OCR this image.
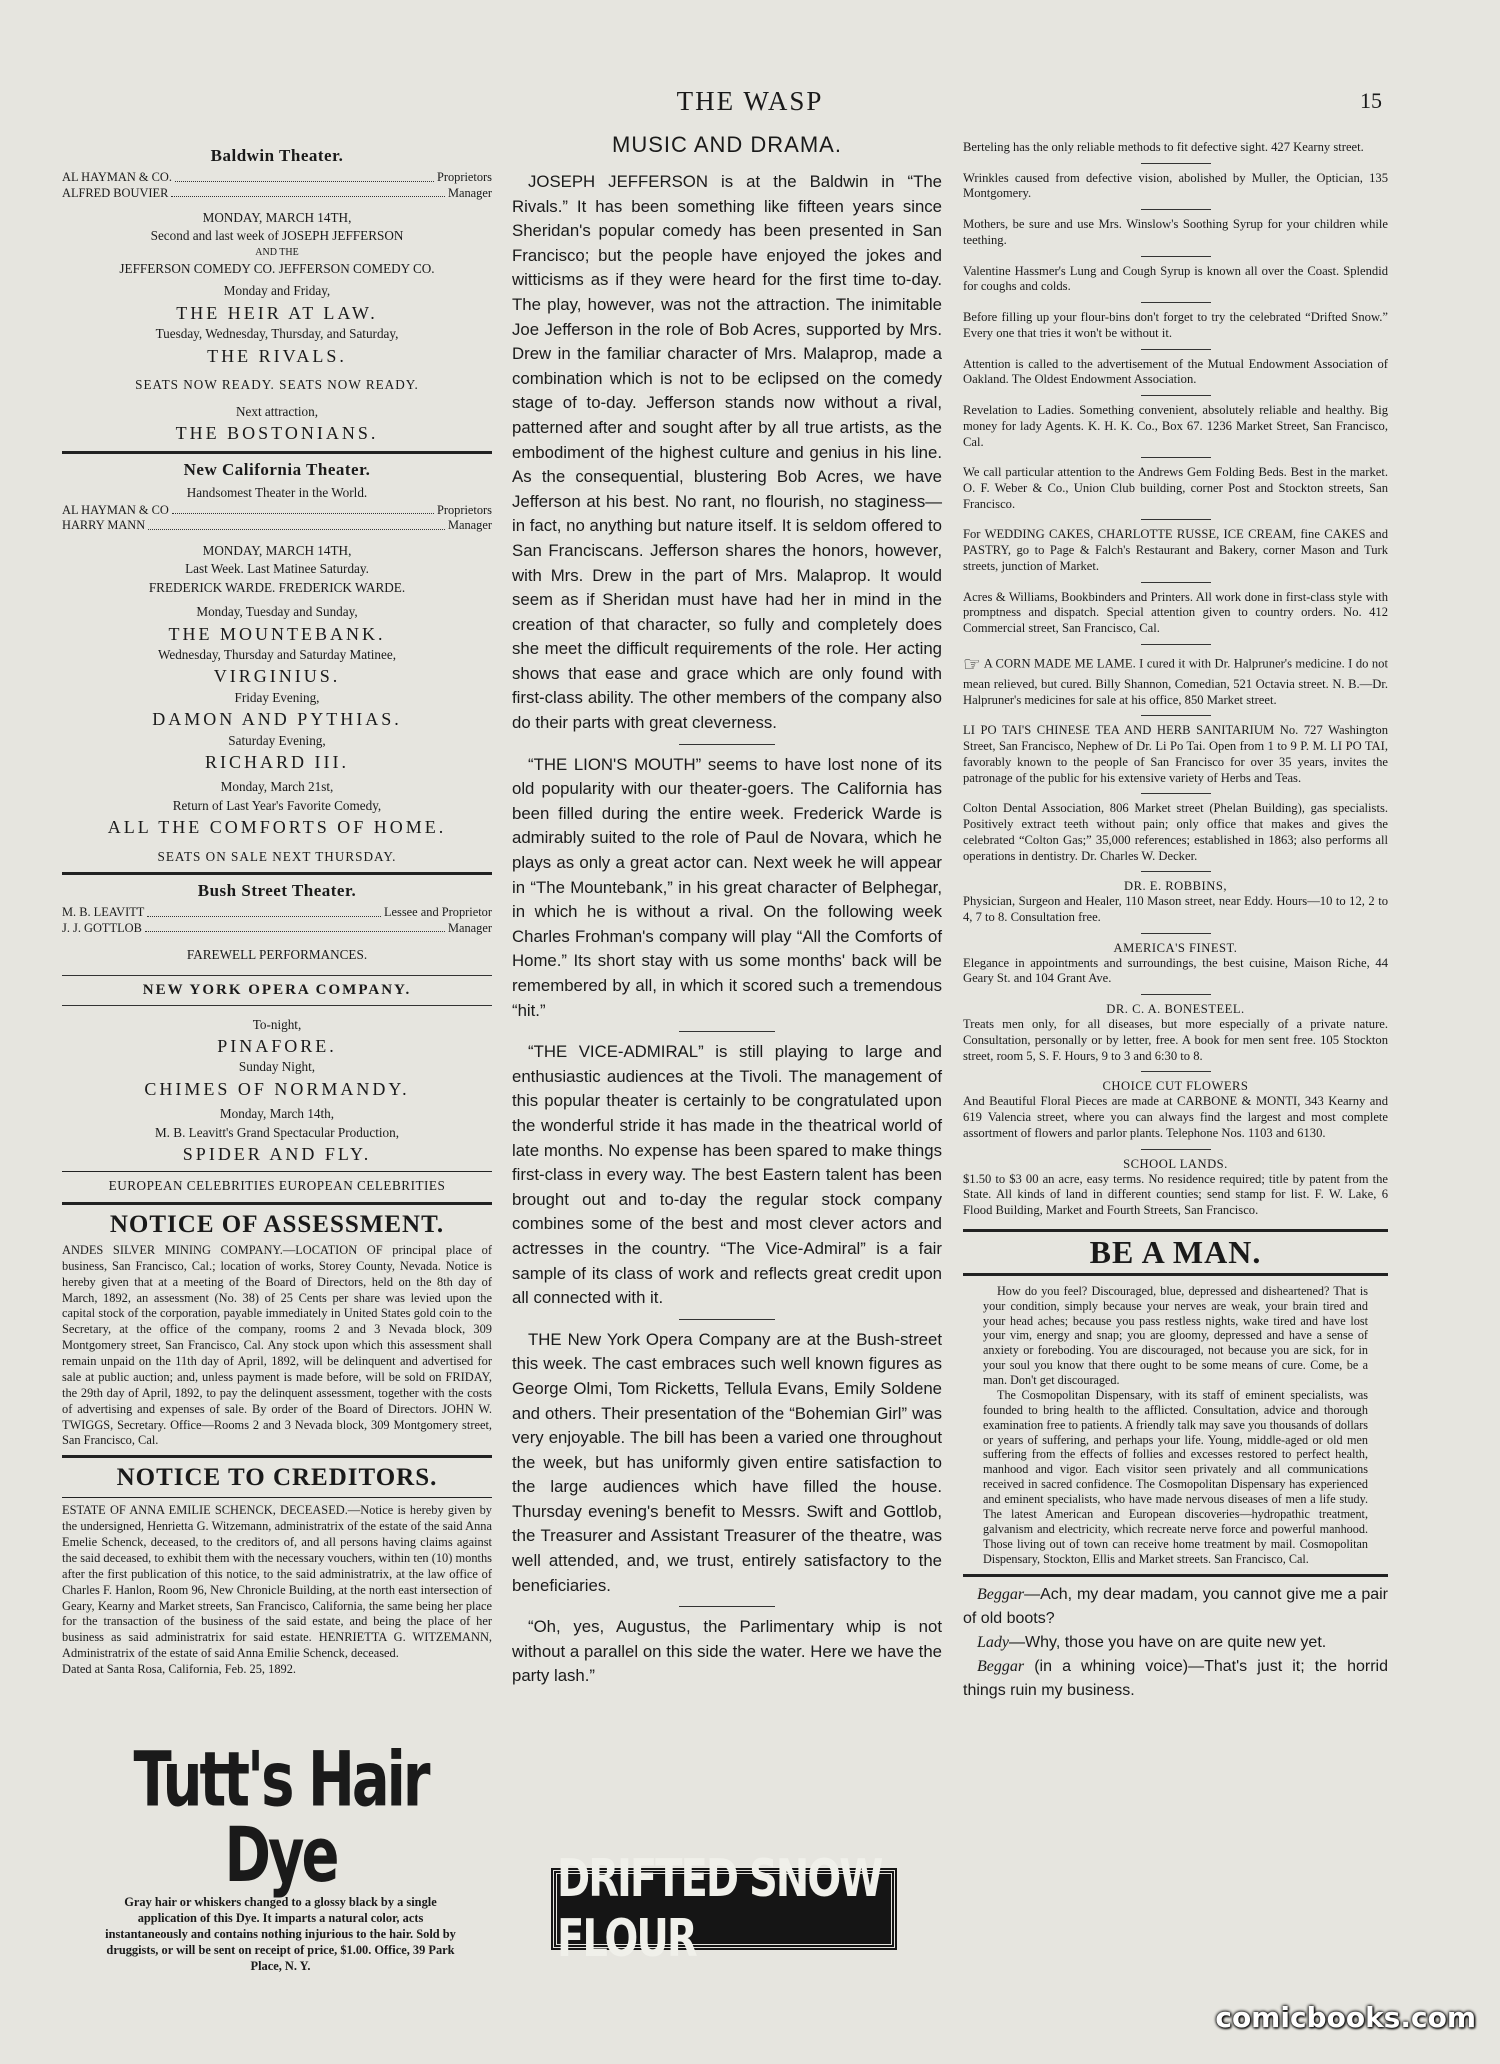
THE WASP	15
Baldwin Theater.
AL HAYMAN & CO.	Proprietors
ALFRED BOUVIER	Manager
MONDAY, MARCH 14TH,
Second and last week of JOSEPH JEFFERSON
AND THE
JEFFERSON COMEDY CO. JEFFERSON COMEDY CO.
Monday and Friday,
THE HEIR AT LAW.
Tuesday, Wednesday, Thursday, and Saturday,
THE RIVALS.
SEATS NOW READY. SEATS NOW READY.
Next attraction,
THE BOSTONIANS.
New California Theater.
Handsomest Theater in the World.
AL HAYMAN & CO	Proprietors
HARRY MANN	Manager
MONDAY, MARCH 14TH,
Last Week. Last Matinee Saturday.
FREDERICK WARDE. FREDERICK WARDE.
Monday, Tuesday and Sunday,
THE MOUNTEBANK.
Wednesday, Thursday and Saturday Matinee,
VIRGINIUS.
Friday Evening,
DAMON AND PYTHIAS.
Saturday Evening,
RICHARD III.
Monday, March 21st,
Return of Last Year's Favorite Comedy,
ALL THE COMFORTS OF HOME.
SEATS ON SALE NEXT THURSDAY.
Bush Street Theater.
M. B. LEAVITT	Lessee and Proprietor
J. J. GOTTLOB	Manager
FAREWELL PERFORMANCES.
NEW YORK OPERA COMPANY.
To-night,
PINAFORE.
Sunday Night,
CHIMES OF NORMANDY.
Monday, March 14th,
M. B. Leavitt's Grand Spectacular Production,
SPIDER AND FLY.
EUROPEAN CELEBRITIES EUROPEAN CELEBRITIES
NOTICE OF ASSESSMENT.

ANDES SILVER MINING COMPANY.—LOCATION OF principal place of business, San Francisco, Cal.; location of works, Storey County, Nevada. Notice is hereby given that at a meeting of the Board of Directors, held on the 8th day of March, 1892, an assessment (No. 38) of 25 Cents per share was levied upon the capital stock of the corporation, payable immediately in United States gold coin to the Secretary, at the office of the company, rooms 2 and 3 Nevada block, 309 Montgomery street, San Francisco, Cal. Any stock upon which this assessment shall remain unpaid on the 11th day of April, 1892, will be delinquent and advertised for sale at public auction; and, unless payment is made before, will be sold on FRIDAY, the 29th day of April, 1892, to pay the delinquent assessment, together with the costs of advertising and expenses of sale. By order of the Board of Directors. JOHN W. TWIGGS, Secretary. Office—Rooms 2 and 3 Nevada block, 309 Montgomery street, San Francisco, Cal.

NOTICE TO CREDITORS.

ESTATE OF ANNA EMILIE SCHENCK, DECEASED.—Notice is hereby given by the undersigned, Henrietta G. Witzemann, administratrix of the estate of the said Anna Emelie Schenck, deceased, to the creditors of, and all persons having claims against the said deceased, to exhibit them with the necessary vouchers, within ten (10) months after the first publication of this notice, to the said administratrix, at the law office of Charles F. Hanlon, Room 96, New Chronicle Building, at the north east intersection of Geary, Kearny and Market streets, San Francisco, California, the same being her place for the transaction of the business of the said estate, and being the place of her business as said administratrix for said estate. HENRIETTA G. WITZEMANN, Administratrix of the estate of said Anna Emilie Schenck, deceased.

Dated at Santa Rosa, California, Feb. 25, 1892.

Tutt's Hair Dye
Gray hair or whiskers changed to a glossy black by a single application of this Dye. It imparts a natural color, acts instantaneously and contains nothing injurious to the hair. Sold by druggists, or will be sent on receipt of price, $1.00. Office, 39 Park Place, N. Y.
MUSIC AND DRAMA.

JOSEPH JEFFERSON is at the Baldwin in “The Rivals.” It has been something like fifteen years since Sheridan's popular comedy has been presented in San Francisco; but the people have enjoyed the jokes and witticisms as if they were heard for the first time to-day. The play, however, was not the attraction. The inimitable Joe Jefferson in the role of Bob Acres, supported by Mrs. Drew in the familiar character of Mrs. Malaprop, made a combination which is not to be eclipsed on the comedy stage of to-day. Jefferson stands now without a rival, patterned after and sought after by all true artists, as the embodiment of the highest culture and genius in his line. As the consequential, blustering Bob Acres, we have Jefferson at his best. No rant, no flourish, no staginess—in fact, no anything but nature itself. It is seldom offered to San Franciscans. Jefferson shares the honors, however, with Mrs. Drew in the part of Mrs. Malaprop. It would seem as if Sheridan must have had her in mind in the creation of that character, so fully and completely does she meet the difficult requirements of the role. Her acting shows that ease and grace which are only found with first-class ability. The other members of the company also do their parts with great cleverness.

“THE LION'S MOUTH” seems to have lost none of its old popularity with our theater-goers. The California has been filled during the entire week. Frederick Warde is admirably suited to the role of Paul de Novara, which he plays as only a great actor can. Next week he will appear in “The Mountebank,” in his great character of Belphegar, in which he is without a rival. On the following week Charles Frohman's company will play “All the Comforts of Home.” Its short stay with us some months' back will be remembered by all, in which it scored such a tremendous “hit.”

“THE VICE-ADMIRAL” is still playing to large and enthusiastic audiences at the Tivoli. The management of this popular theater is certainly to be congratulated upon the wonderful stride it has made in the theatrical world of late months. No expense has been spared to make things first-class in every way. The best Eastern talent has been brought out and to-day the regular stock company combines some of the best and most clever actors and actresses in the country. “The Vice-Admiral” is a fair sample of its class of work and reflects great credit upon all connected with it.

THE New York Opera Company are at the Bush-street this week. The cast embraces such well known figures as George Olmi, Tom Ricketts, Tellula Evans, Emily Soldene and others. Their presentation of the “Bohemian Girl” was very enjoyable. The bill has been a varied one throughout the week, but has uniformly given entire satisfaction to the large audiences which have filled the house. Thursday evening's benefit to Messrs. Swift and Gottlob, the Treasurer and Assistant Treasurer of the theatre, was well attended, and, we trust, entirely satisfactory to the beneficiaries.

“Oh, yes, Augustus, the Parlimentary whip is not without a parallel on this side the water. Here we have the party lash.”

DRIFTED SNOW FLOUR

Berteling has the only reliable methods to fit defective sight. 427 Kearny street.

Wrinkles caused from defective vision, abolished by Muller, the Optician, 135 Montgomery.

Mothers, be sure and use Mrs. Winslow's Soothing Syrup for your children while teething.

Valentine Hassmer's Lung and Cough Syrup is known all over the Coast. Splendid for coughs and colds.

Before filling up your flour-bins don't forget to try the celebrated “Drifted Snow.” Every one that tries it won't be without it.

Attention is called to the advertisement of the Mutual Endowment Association of Oakland. The Oldest Endowment Association.

Revelation to Ladies. Something convenient, absolutely reliable and healthy. Big money for lady Agents. K. H. K. Co., Box 67. 1236 Market Street, San Francisco, Cal.

We call particular attention to the Andrews Gem Folding Beds. Best in the market. O. F. Weber & Co., Union Club building, corner Post and Stockton streets, San Francisco.

For WEDDING CAKES, CHARLOTTE RUSSE, ICE CREAM, fine CAKES and PASTRY, go to Page & Falch's Restaurant and Bakery, corner Mason and Turk streets, junction of Market.

Acres & Williams, Bookbinders and Printers. All work done in first-class style with promptness and dispatch. Special attention given to country orders. No. 412 Commercial street, San Francisco, Cal.

☞ A CORN MADE ME LAME. I cured it with Dr. Halpruner's medicine. I do not mean relieved, but cured. Billy Shannon, Comedian, 521 Octavia street. N. B.—Dr. Halpruner's medicines for sale at his office, 850 Market street.

LI PO TAI'S CHINESE TEA AND HERB SANITARIUM No. 727 Washington Street, San Francisco, Nephew of Dr. Li Po Tai. Open from 1 to 9 P. M. LI PO TAI, favorably known to the people of San Francisco for over 35 years, invites the patronage of the public for his extensive variety of Herbs and Teas.

Colton Dental Association, 806 Market street (Phelan Building), gas specialists. Positively extract teeth without pain; only office that makes and gives the celebrated “Colton Gas;” 35,000 references; established in 1863; also performs all operations in dentistry. Dr. Charles W. Decker.

DR. E. ROBBINS,

Physician, Surgeon and Healer, 110 Mason street, near Eddy. Hours—10 to 12, 2 to 4, 7 to 8. Consultation free.

AMERICA'S FINEST.

Elegance in appointments and surroundings, the best cuisine, Maison Riche, 44 Geary St. and 104 Grant Ave.

DR. C. A. BONESTEEL.

Treats men only, for all diseases, but more especially of a private nature. Consultation, personally or by letter, free. A book for men sent free. 105 Stockton street, room 5, S. F. Hours, 9 to 3 and 6:30 to 8.

CHOICE CUT FLOWERS

And Beautiful Floral Pieces are made at CARBONE & MONTI, 343 Kearny and 619 Valencia street, where you can always find the largest and most complete assortment of flowers and parlor plants. Telephone Nos. 1103 and 6130.

SCHOOL LANDS.

$1.50 to $3 00 an acre, easy terms. No residence required; title by patent from the State. All kinds of land in different counties; send stamp for list. F. W. Lake, 6 Flood Building, Market and Fourth Streets, San Francisco.

BE A MAN.

How do you feel? Discouraged, blue, depressed and disheartened? That is your condition, simply because your nerves are weak, your brain tired and your head aches; because you pass restless nights, wake tired and have lost your vim, energy and snap; you are gloomy, depressed and have a sense of anxiety or foreboding. You are discouraged, not because you are sick, for in your soul you know that there ought to be some means of cure. Come, be a man. Don't get discouraged.

The Cosmopolitan Dispensary, with its staff of eminent specialists, was founded to bring health to the afflicted. Consultation, advice and thorough examination free to patients. A friendly talk may save you thousands of dollars or years of suffering, and perhaps your life. Young, middle-aged or old men suffering from the effects of follies and excesses restored to perfect health, manhood and vigor. Each visitor seen privately and all communications received in sacred confidence. The Cosmopolitan Dispensary has experienced and eminent specialists, who have made nervous diseases of men a life study. The latest American and European discoveries—hydropathic treatment, galvanism and electricity, which recreate nerve force and powerful manhood. Those living out of town can receive home treatment by mail. Cosmopolitan Dispensary, Stockton, Ellis and Market streets. San Francisco, Cal.

Beggar—Ach, my dear madam, you cannot give me a pair of old boots?

Lady—Why, those you have on are quite new yet.

Beggar (in a whining voice)—That's just it; the horrid things ruin my business.

comicbooks.com
